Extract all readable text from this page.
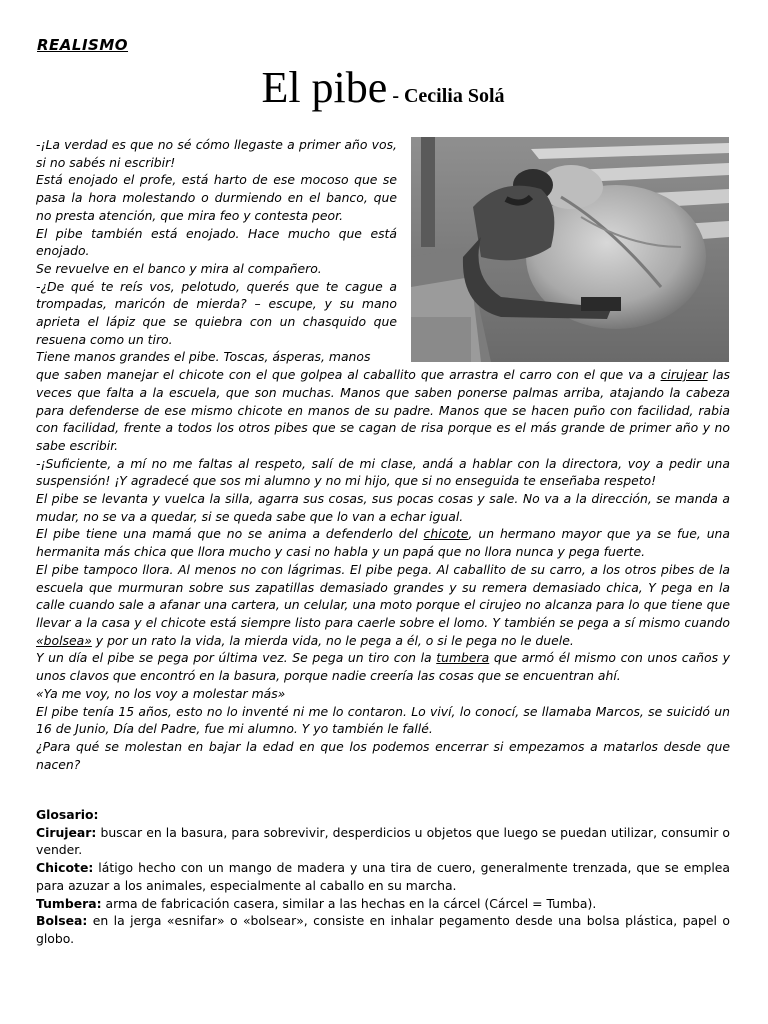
REALISMO
El pibe - Cecilia Solá

-¡La verdad es que no sé cómo llegaste a primer año vos, si no sabés ni escribir!

Está enojado el profe, está harto de ese mocoso que se pasa la hora molestando o durmiendo en el banco, que no presta atención, que mira feo y contesta peor.

El pibe también está enojado. Hace mucho que está enojado.

Se revuelve en el banco y mira al compañero.

-¿De qué te reís vos, pelotudo, querés que te cague a trompadas, maricón de mierda? – escupe, y su mano aprieta el lápiz que se quiebra con un chasquido que resuena como un tiro.

Tiene manos grandes el pibe. Toscas, ásperas, manos

que saben manejar el chicote con el que golpea al caballito que arrastra el carro con el que va a cirujear las veces que falta a la escuela, que son muchas. Manos que saben ponerse palmas arriba, atajando la cabeza para defenderse de ese mismo chicote en manos de su padre. Manos que se hacen puño con facilidad, rabia con facilidad, frente a todos los otros pibes que se cagan de risa porque es el más grande de primer año y no sabe escribir.

-¡Suficiente, a mí no me faltas al respeto, salí de mi clase, andá a hablar con la directora, voy a pedir una suspensión! ¡Y agradecé que sos mi alumno y no mi hijo, que si no enseguida te enseñaba respeto!

El pibe se levanta y vuelca la silla, agarra sus cosas, sus pocas cosas y sale. No va a la dirección, se manda a mudar, no se va a quedar, si se queda sabe que lo van a echar igual.

El pibe tiene una mamá que no se anima a defenderlo del chicote, un hermano mayor que ya se fue, una hermanita más chica que llora mucho y casi no habla y un papá que no llora nunca y pega fuerte.

El pibe tampoco llora. Al menos no con lágrimas. El pibe pega. Al caballito de su carro, a los otros pibes de la escuela que murmuran sobre sus zapatillas demasiado grandes y su remera demasiado chica, Y pega en la calle cuando sale a afanar una cartera, un celular, una moto porque el cirujeo no alcanza para lo que tiene que llevar a la casa y el chicote está siempre listo para caerle sobre el lomo. Y también se pega a sí mismo cuando «bolsea» y por un rato la vida, la mierda vida, no le pega a él, o si le pega no le duele.

Y un día el pibe se pega por última vez. Se pega un tiro con la tumbera que armó él mismo con unos caños y unos clavos que encontró en la basura, porque nadie creería las cosas que se encuentran ahí.

«Ya me voy, no los voy a molestar más»

El pibe tenía 15 años, esto no lo inventé ni me lo contaron. Lo viví, lo conocí, se llamaba Marcos, se suicidó un 16 de Junio, Día del Padre, fue mi alumno. Y yo también le fallé.

¿Para qué se molestan en bajar la edad en que los podemos encerrar si empezamos a matarlos desde que nacen?

Glosario:

Cirujear: buscar en la basura, para sobrevivir, desperdicios u objetos que luego se puedan utilizar, consumir o vender.

Chicote: látigo hecho con un mango de madera y una tira de cuero, generalmente trenzada, que se emplea para azuzar a los animales, especialmente al caballo en su marcha.

Tumbera: arma de fabricación casera, similar a las hechas en la cárcel (Cárcel = Tumba).

Bolsea: en la jerga «esnifar» o «bolsear», consiste en inhalar pegamento desde una bolsa plástica, papel o globo.
